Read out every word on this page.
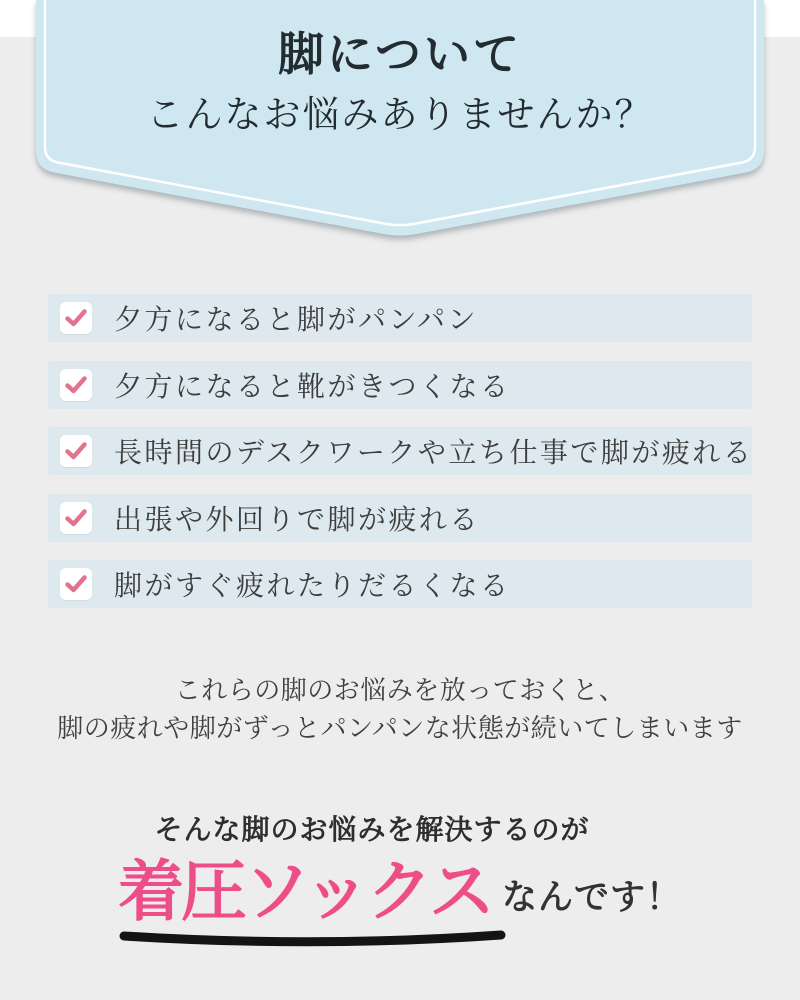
脚について
こんなお悩みありませんか？
夕方になると脚がパンパン
夕方になると靴がきつくなる
長時間のデスクワークや立ち仕事で脚が疲れる
出張や外回りで脚が疲れる
脚がすぐ疲れたりだるくなる
これらの脚のお悩みを放っておくと、
脚の疲れや脚がずっとパンパンな状態が続いてしまいます
そんな脚のお悩みを解決するのが
着圧ソックス なんです！
